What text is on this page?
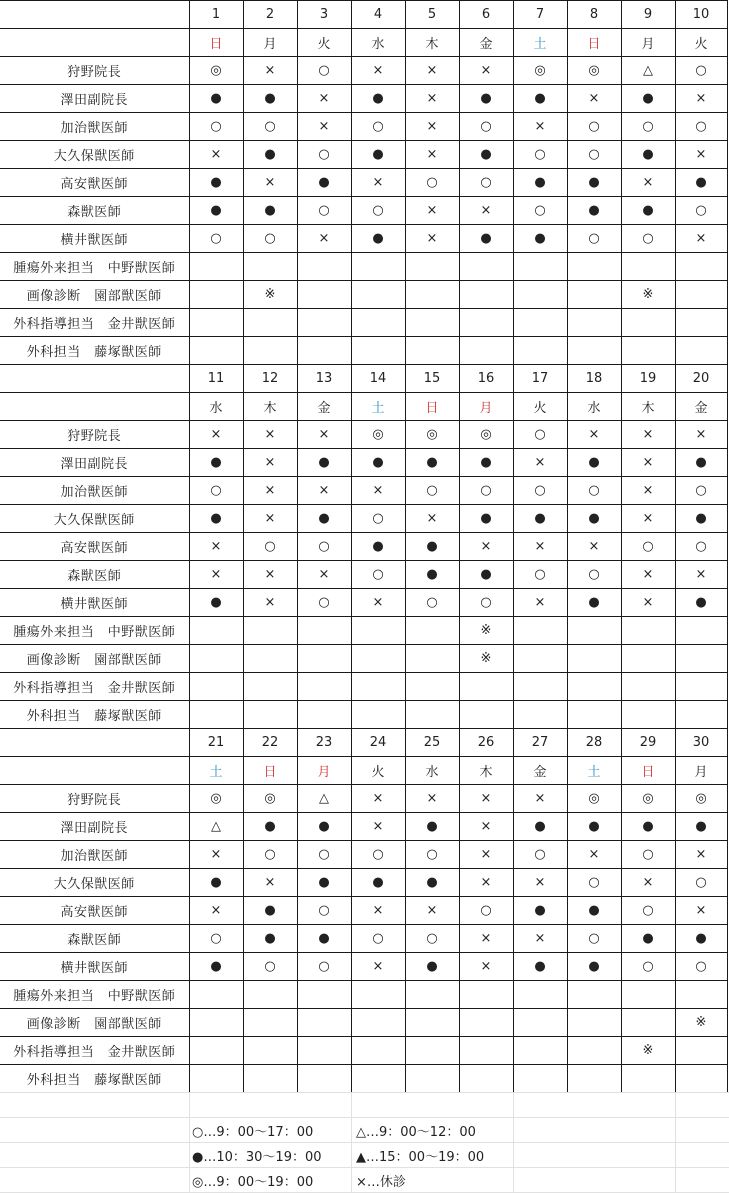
	1	2	3	4	5	6	7	8	9	10
	日	月	火	水	木	金	土	日	月	火
狩野院長	◎	×	○	×	×	×	◎	◎	△	○
澤田副院長	●	●	×	●	×	●	●	×	●	×
加治獣医師	○	○	×	○	×	○	×	○	○	○
大久保獣医師	×	●	○	●	×	●	○	○	●	×
高安獣医師	●	×	●	×	○	○	●	●	×	●
森獣医師	●	●	○	○	×	×	○	●	●	○
横井獣医師	○	○	×	●	×	●	●	○	○	×
腫瘍外来担当　中野獣医師										
画像診断　園部獣医師		※							※	
外科指導担当　金井獣医師										
外科担当　藤塚獣医師										
	11	12	13	14	15	16	17	18	19	20
	水	木	金	土	日	月	火	水	木	金
狩野院長	×	×	×	◎	◎	◎	○	×	×	×
澤田副院長	●	×	●	●	●	●	×	●	×	●
加治獣医師	○	×	×	×	○	○	○	○	×	○
大久保獣医師	●	×	●	○	×	●	●	●	×	●
高安獣医師	×	○	○	●	●	×	×	×	○	○
森獣医師	×	×	×	○	●	●	○	○	×	×
横井獣医師	●	×	○	×	○	○	×	●	×	●
腫瘍外来担当　中野獣医師						※				
画像診断　園部獣医師						※				
外科指導担当　金井獣医師										
外科担当　藤塚獣医師										
	21	22	23	24	25	26	27	28	29	30
	土	日	月	火	水	木	金	土	日	月
狩野院長	◎	◎	△	×	×	×	×	◎	◎	◎
澤田副院長	△	●	●	×	●	×	●	●	●	●
加治獣医師	×	○	○	○	○	×	○	×	○	×
大久保獣医師	●	×	●	●	●	×	×	○	×	○
高安獣医師	×	●	○	×	×	○	●	●	○	×
森獣医師	○	●	●	○	○	×	×	○	●	●
横井獣医師	●	○	○	×	●	×	●	●	○	○
腫瘍外来担当　中野獣医師										
画像診断　園部獣医師										※
外科指導担当　金井獣医師									※	
外科担当　藤塚獣医師										
○…9：00〜17：00	△…9：00〜12：00
●…10：30〜19：00	▲…15：00〜19：00
◎…9：00〜19：00	×…休診
